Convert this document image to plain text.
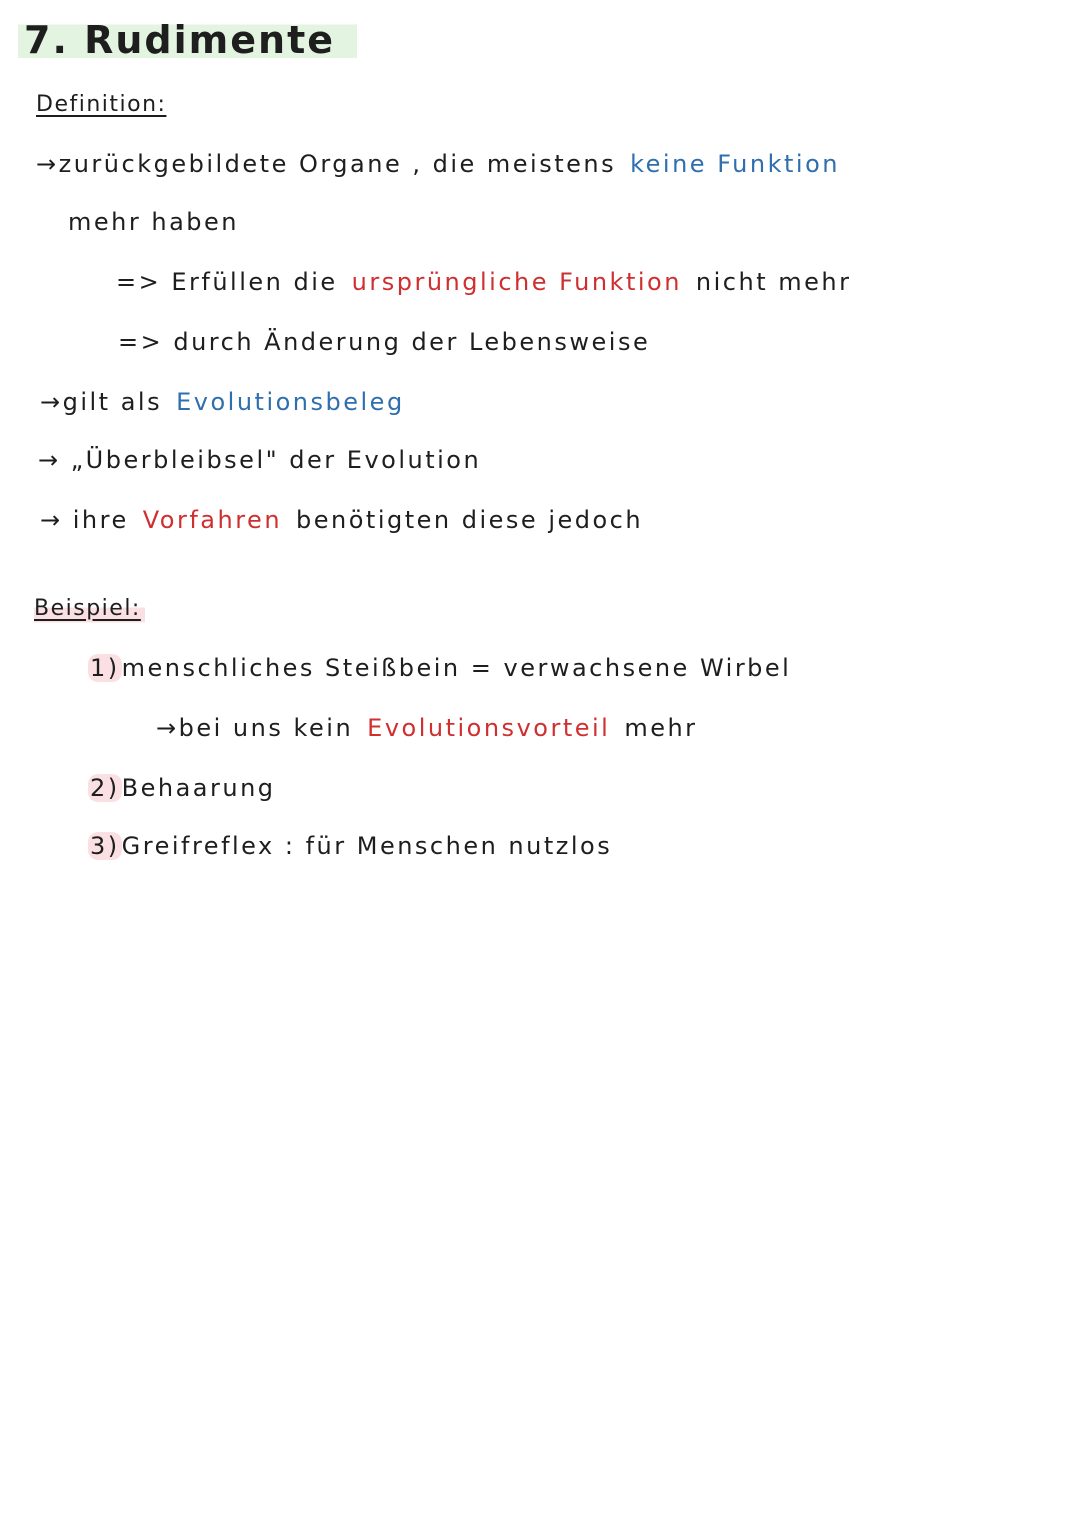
7. Rudimente
Definition:
→zurückgebildete Organe , die meistens keine Funktion
mehr haben
=> Erfüllen die ursprüngliche Funktion nicht mehr
=> durch Änderung der Lebensweise
→gilt als Evolutionsbeleg
→ „Überbleibsel" der Evolution
→ ihre Vorfahren benötigten diese jedoch
Beispiel:
1)menschliches Steißbein = verwachsene Wirbel
→bei uns kein Evolutionsvorteil mehr
2)Behaarung
3)Greifreflex : für Menschen nutzlos
